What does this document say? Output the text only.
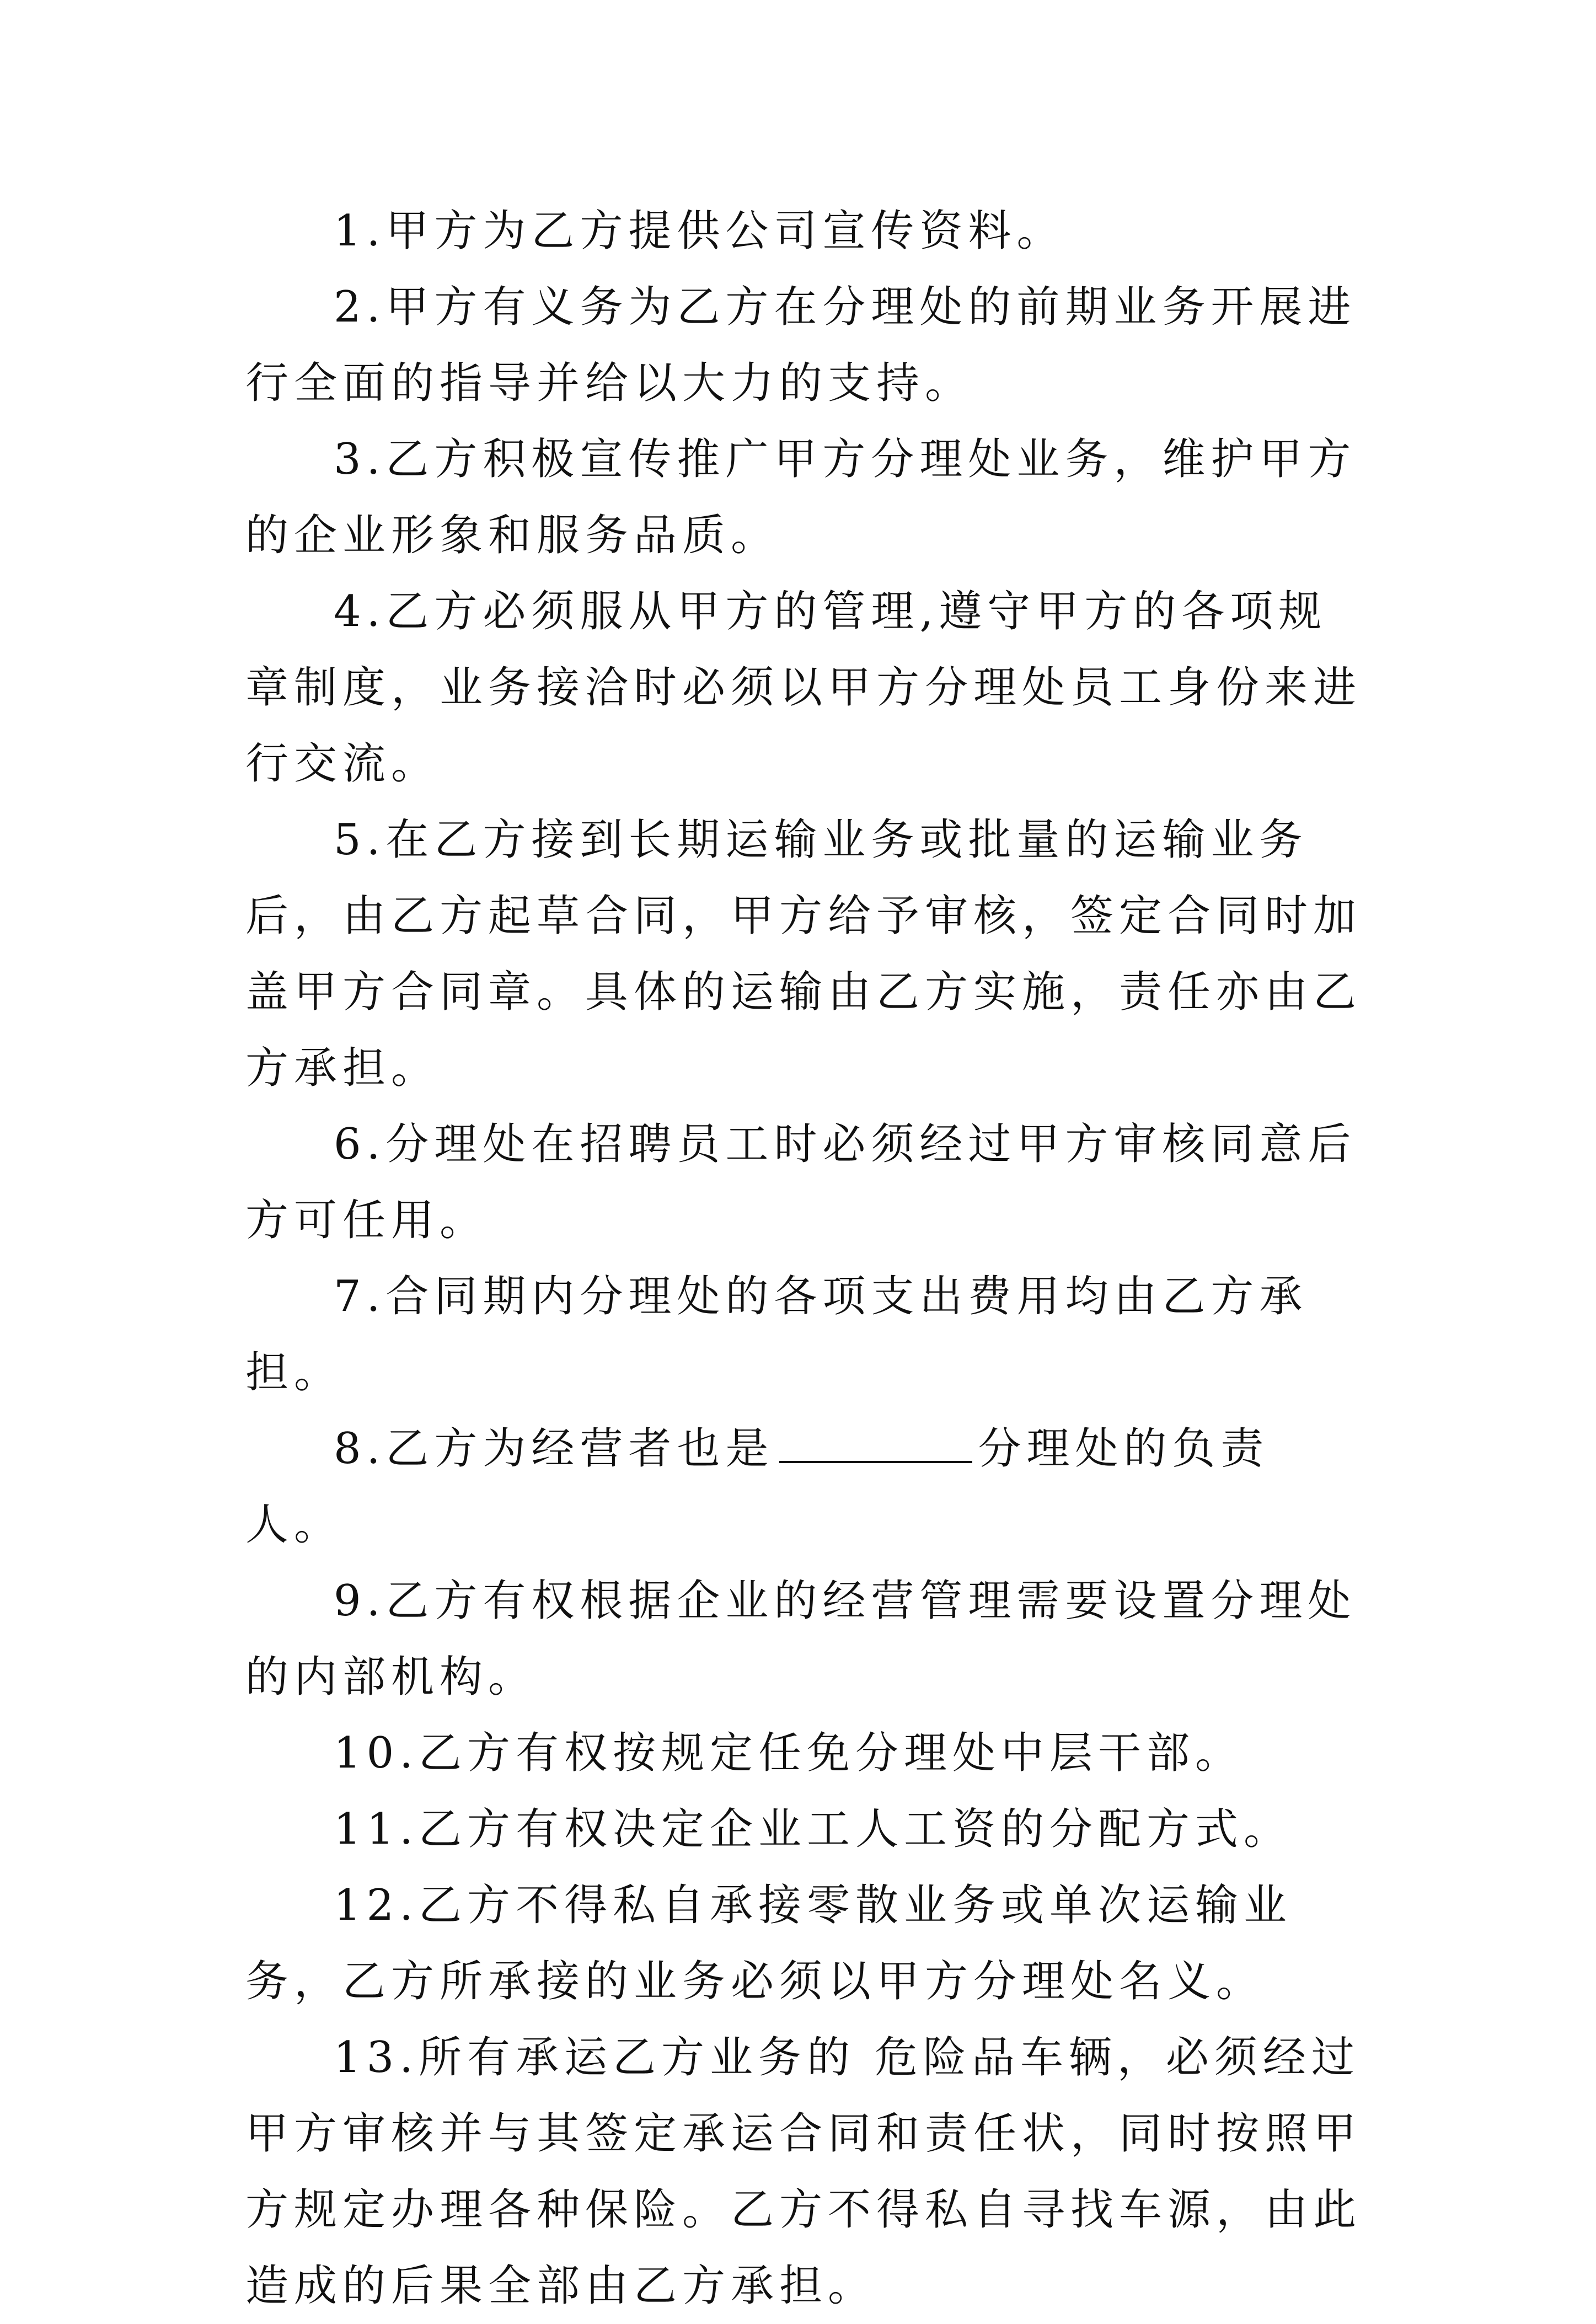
1.甲方为乙方提供公司宣传资料。

2.甲方有义务为乙方在分理处的前期业务开展进行全面的指导并给以大力的支持。

3.乙方积极宣传推广甲方分理处业务，维护甲方的企业形象和服务品质。

4.乙方必须服从甲方的管理,遵守甲方的各项规章制度，业务接洽时必须以甲方分理处员工身份来进行交流。

5.在乙方接到长期运输业务或批量的运输业务后，由乙方起草合同，甲方给予审核，签定合同时加盖甲方合同章。具体的运输由乙方实施，责任亦由乙方承担。

6.分理处在招聘员工时必须经过甲方审核同意后方可任用。

7.合同期内分理处的各项支出费用均由乙方承担。

8.乙方为经营者也是	分理处的负责人。

9.乙方有权根据企业的经营管理需要设置分理处的内部机构。

10.乙方有权按规定任免分理处中层干部。

11.乙方有权决定企业工人工资的分配方式。

12.乙方不得私自承接零散业务或单次运输业务，乙方所承接的业务必须以甲方分理处名义。

13.所有承运乙方业务的 危险品车辆，必须经过甲方审核并与其签定承运合同和责任状，同时按照甲方规定办理各种保险。乙方不得私自寻找车源，由此造成的后果全部由乙方承担。
